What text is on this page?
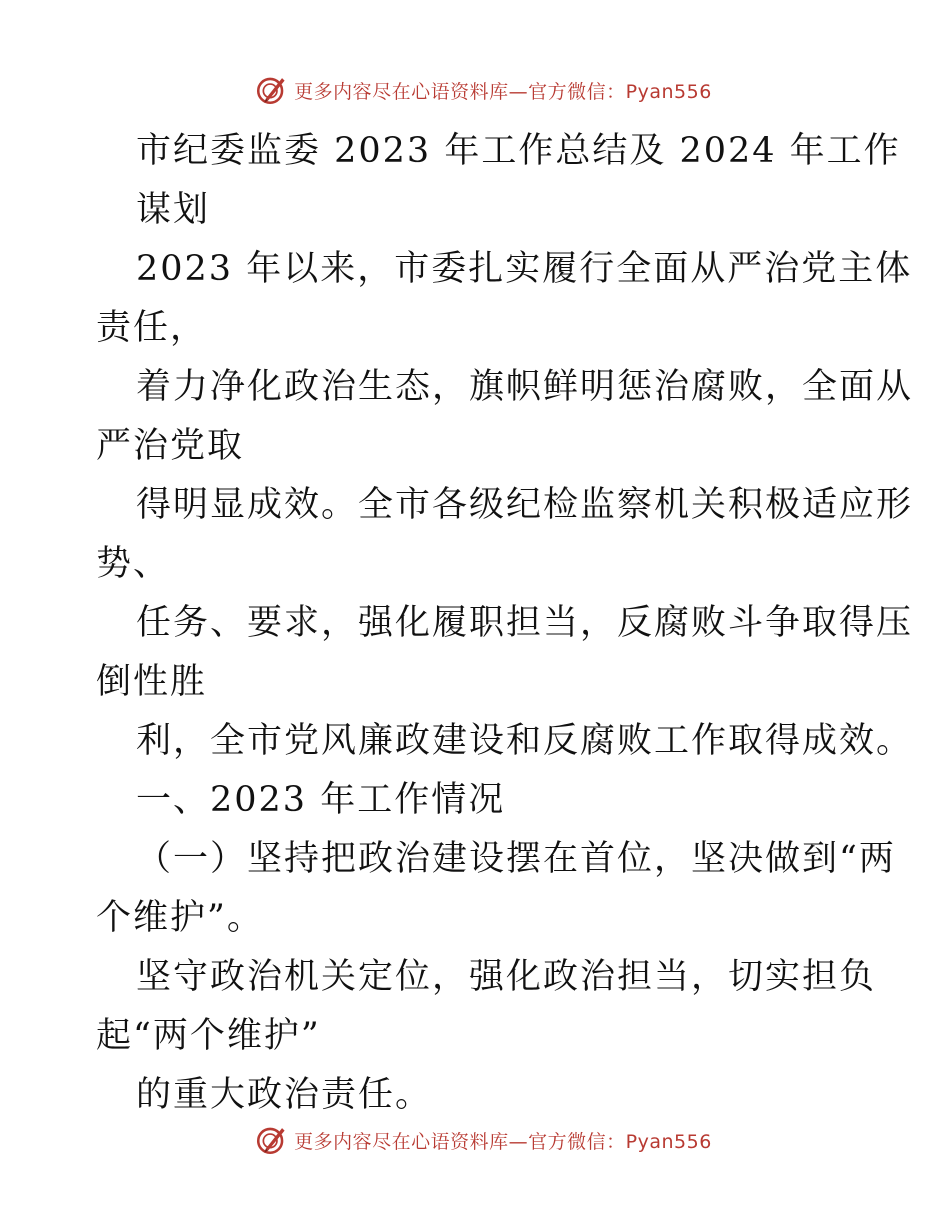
更多内容尽在心语资料库—官方微信：Pyan556
市纪委监委 2023 年工作总结及 2024 年工作
谋划
2023 年以来，市委扎实履行全面从严治党主体
责任，
着力净化政治生态，旗帜鲜明惩治腐败，全面从
严治党取
得明显成效。全市各级纪检监察机关积极适应形
势、
任务、要求，强化履职担当，反腐败斗争取得压
倒性胜
利，全市党风廉政建设和反腐败工作取得成效。
一、2023 年工作情况
（一）坚持把政治建设摆在首位，坚决做到“两
个维护”。
坚守政治机关定位，强化政治担当，切实担负
起“两个维护”
的重大政治责任。
更多内容尽在心语资料库—官方微信：Pyan556
